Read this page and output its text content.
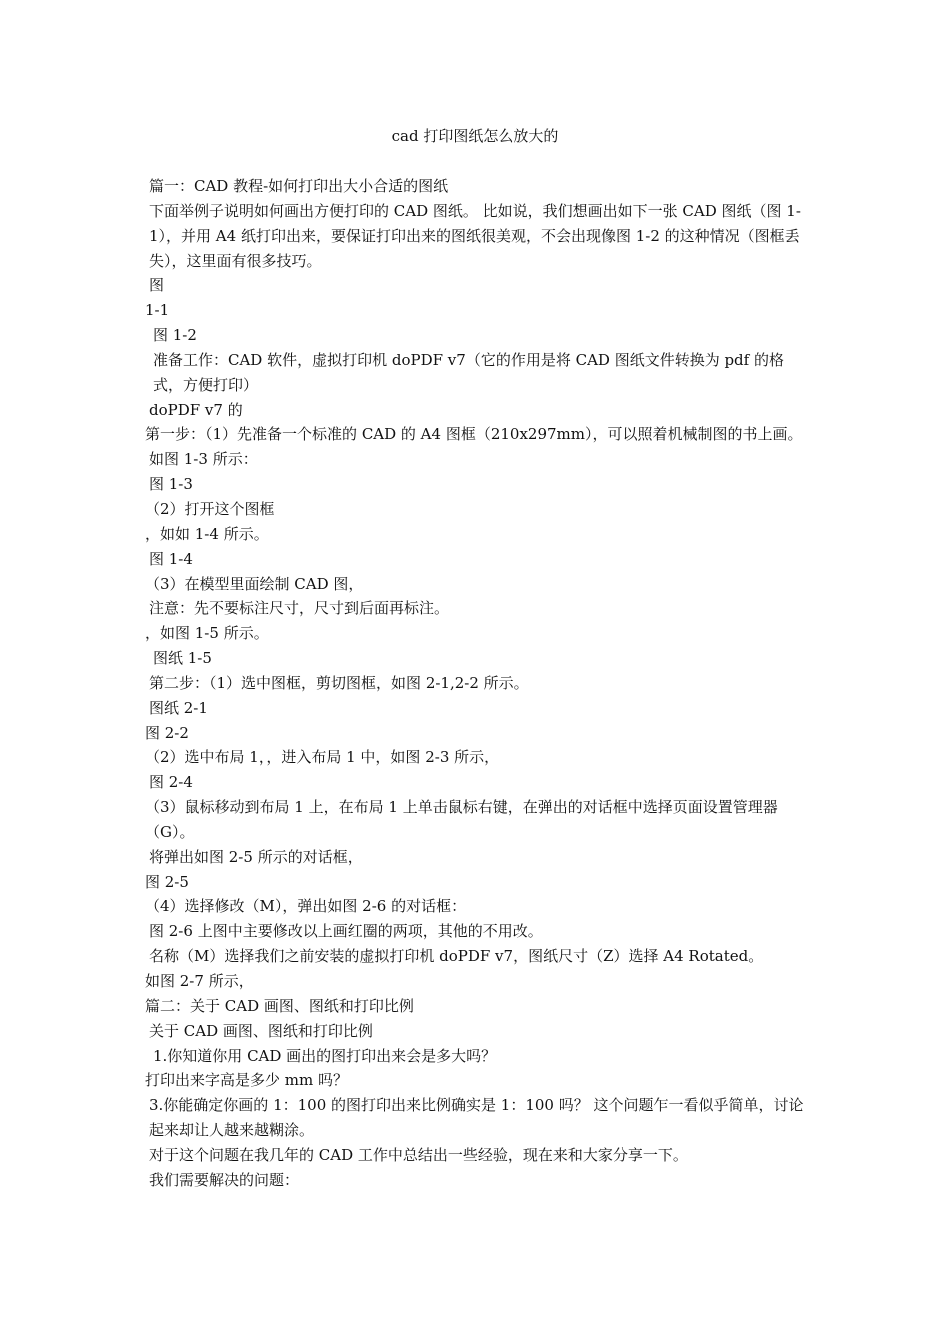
cad 打印图纸怎么放大的

篇一：CAD 教程-如何打印出大小合适的图纸

下面举例子说明如何画出方便打印的 CAD 图纸。 比如说，我们想画出如下一张 CAD 图纸（图 1-1），并用 A4 纸打印出来，要保证打印出来的图纸很美观，不会出现像图 1-2 的这种情况（图框丢失），这里面有很多技巧。

图

1-1

图 1-2

准备工作：CAD 软件，虚拟打印机 doPDF v7（它的作用是将 CAD 图纸文件转换为 pdf 的格式，方便打印）

doPDF v7 的

第一步：（1）先准备一个标准的 CAD 的 A4 图框（210x297mm），可以照着机械制图的书上画。

如图 1-3 所示：

图 1-3

（2）打开这个图框

，如如 1-4 所示。

图 1-4

（3）在模型里面绘制 CAD 图，

注意：先不要标注尺寸，尺寸到后面再标注。

，如图 1-5 所示。

图纸 1-5

第二步：（1）选中图框，剪切图框，如图 2-1,2-2 所示。

图纸 2-1

图 2-2

（2）选中布局 1，，进入布局 1 中，如图 2-3 所示，

图 2-4

（3）鼠标移动到布局 1 上，在布局 1 上单击鼠标右键，在弹出的对话框中选择页面设置管理器（G）。

将弹出如图 2-5 所示的对话框，

图 2-5

（4）选择修改（M），弹出如图 2-6 的对话框：

图 2-6 上图中主要修改以上画红圈的两项，其他的不用改。

名称（M）选择我们之前安装的虚拟打印机 doPDF v7，图纸尺寸（Z）选择 A4 Rotated。

如图 2-7 所示，

篇二：关于 CAD 画图、图纸和打印比例

关于 CAD 画图、图纸和打印比例

1.你知道你用 CAD 画出的图打印出来会是多大吗？

打印出来字高是多少 mm 吗？

3.你能确定你画的 1：100 的图打印出来比例确实是 1：100 吗？ 这个问题乍一看似乎简单，讨论起来却让人越来越糊涂。

对于这个问题在我几年的 CAD 工作中总结出一些经验，现在来和大家分享一下。

我们需要解决的问题：
